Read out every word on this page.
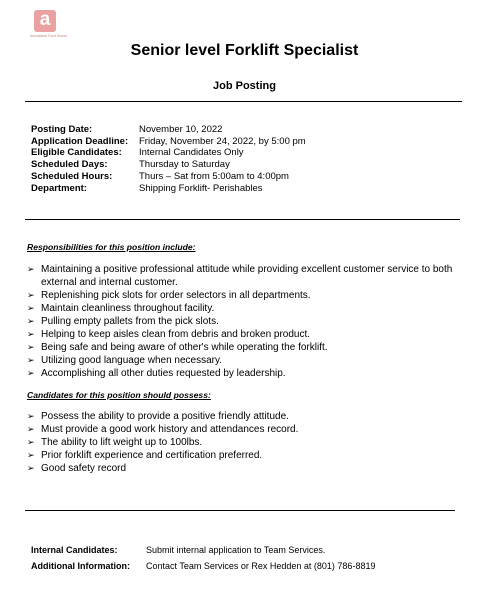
a
Associated Food Stores
Senior level Forklift Specialist
Job Posting
Posting Date:	November 10, 2022
Application Deadline:	Friday, November 24, 2022, by 5:00 pm
Eligible Candidates:	Internal Candidates Only
Scheduled Days:	Thursday to Saturday
Scheduled Hours:	Thurs – Sat from 5:00am to 4:00pm
Department:	Shipping Forklift- Perishables
Responsibilities for this position include:
➢ Maintaining a positive professional attitude while providing excellent customer service to both external and internal customer.
➢ Replenishing pick slots for order selectors in all departments.
➢ Maintain cleanliness throughout facility.
➢ Pulling empty pallets from the pick slots.
➢ Helping to keep aisles clean from debris and broken product.
➢ Being safe and being aware of other's while operating the forklift.
➢ Utilizing good language when necessary.
➢ Accomplishing all other duties requested by leadership.
Candidates for this position should possess:
➢ Possess the ability to provide a positive friendly attitude.
➢ Must provide a good work history and attendances record.
➢ The ability to lift weight up to 100lbs.
➢ Prior forklift experience and certification preferred.
➢ Good safety record
Internal Candidates:	Submit internal application to Team Services.
Additional Information:	Contact Team Services or Rex Hedden at (801) 786-8819
